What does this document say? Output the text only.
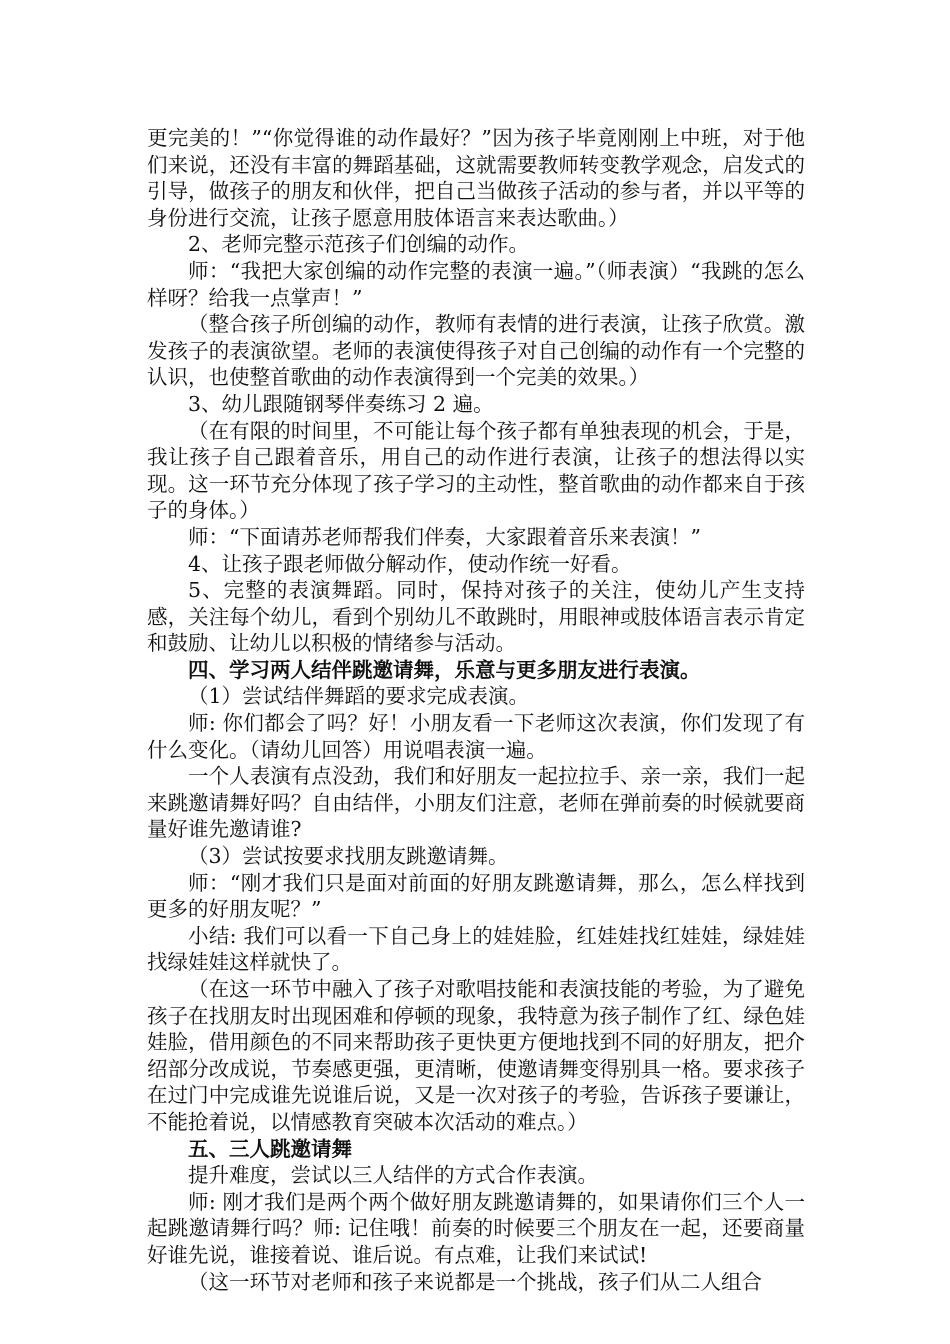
更完美的！”“你觉得谁的动作最好？”因为孩子毕竟刚刚上中班，对于他们来说，还没有丰富的舞蹈基础，这就需要教师转变教学观念，启发式的引导，做孩子的朋友和伙伴，把自己当做孩子活动的参与者，并以平等的身份进行交流，让孩子愿意用肢体语言来表达歌曲。）

2、老师完整示范孩子们创编的动作。

师：“我把大家创编的动作完整的表演一遍。”（师表演）“我跳的怎么样呀？给我一点掌声！”

（整合孩子所创编的动作，教师有表情的进行表演，让孩子欣赏。激发孩子的表演欲望。老师的表演使得孩子对自己创编的动作有一个完整的认识，也使整首歌曲的动作表演得到一个完美的效果。）

3、幼儿跟随钢琴伴奏练习 2 遍。

（在有限的时间里，不可能让每个孩子都有单独表现的机会，于是，我让孩子自己跟着音乐，用自己的动作进行表演，让孩子的想法得以实现。这一环节充分体现了孩子学习的主动性，整首歌曲的动作都来自于孩子的身体。）

师：“下面请苏老师帮我们伴奏，大家跟着音乐来表演！”

4、让孩子跟老师做分解动作，使动作统一好看。

5、完整的表演舞蹈。同时，保持对孩子的关注，使幼儿产生支持感，关注每个幼儿，看到个别幼儿不敢跳时，用眼神或肢体语言表示肯定和鼓励、让幼儿以积极的情绪参与活动。

四、学习两人结伴跳邀请舞，乐意与更多朋友进行表演。

（1）尝试结伴舞蹈的要求完成表演。

师: 你们都会了吗？好！小朋友看一下老师这次表演，你们发现了有什么变化。（请幼儿回答）用说唱表演一遍。

一个人表演有点没劲，我们和好朋友一起拉拉手、亲一亲，我们一起来跳邀请舞好吗？自由结伴，小朋友们注意，老师在弹前奏的时候就要商量好谁先邀请谁?

（3）尝试按要求找朋友跳邀请舞。

师：“刚才我们只是面对前面的好朋友跳邀请舞，那么，怎么样找到更多的好朋友呢？”

小结: 我们可以看一下自己身上的娃娃脸，红娃娃找红娃娃，绿娃娃找绿娃娃这样就快了。

（在这一环节中融入了孩子对歌唱技能和表演技能的考验，为了避免孩子在找朋友时出现困难和停顿的现象，我特意为孩子制作了红、绿色娃娃脸，借用颜色的不同来帮助孩子更快更方便地找到不同的好朋友，把介绍部分改成说，节奏感更强，更清晰，使邀请舞变得别具一格。要求孩子在过门中完成谁先说谁后说，又是一次对孩子的考验，告诉孩子要谦让，不能抢着说，以情感教育突破本次活动的难点。）

五、三人跳邀请舞

提升难度，尝试以三人结伴的方式合作表演。

师: 刚才我们是两个两个做好朋友跳邀请舞的，如果请你们三个人一起跳邀请舞行吗？师: 记住哦！前奏的时候要三个朋友在一起，还要商量好谁先说，谁接着说、谁后说。有点难，让我们来试试!

（这一环节对老师和孩子来说都是一个挑战，孩子们从二人组合
